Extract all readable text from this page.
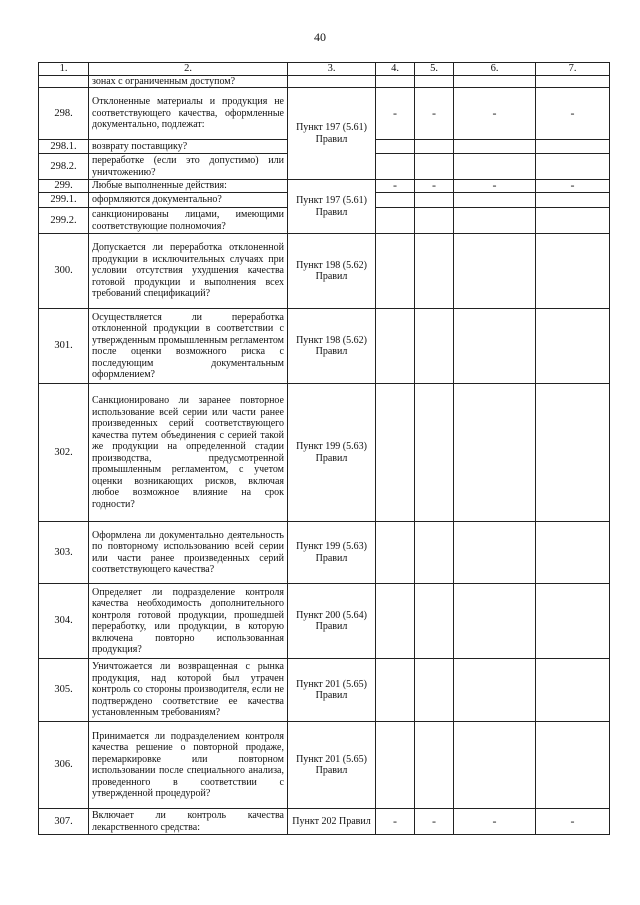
40
1.	2.	3.	4.	5.	6.	7.
	зонах с ограниченным доступом?					
298.	Отклоненные материалы и продукция не соответствующего качества, оформленные документально, подлежат:	Пункт 197 (5.61) Правил	-	-	-	-
298.1.	возврату поставщику?					
298.2.	переработке (если это допустимо) или уничтожению?					
299.	Любые выполненные действия:	Пункт 197 (5.61) Правил	-	-	-	-
299.1.	оформляются документально?					
299.2.	санкционированы лицами, имеющими соответствующие полномочия?					
300.	Допускается ли переработка отклоненной продукции в исключительных случаях при условии отсутствия ухудшения качества готовой продукции и выполнения всех требований спецификаций?	Пункт 198 (5.62) Правил				
301.	Осуществляется ли переработка отклоненной продукции в соответствии с утвержденным промышленным регламентом после оценки возможного риска с последующим документальным оформлением?	Пункт 198 (5.62) Правил				
302.	Санкционировано ли заранее повторное использование всей серии или части ранее произведенных серий соответствующего качества путем объединения с серией такой же продукции на определенной стадии производства, предусмотренной промышленным регламентом, с учетом оценки возникающих рисков, включая любое возможное влияние на срок годности?	Пункт 199 (5.63) Правил				
303.	Оформлена ли документально деятельность по повторному использованию всей серии или части ранее произведенных серий соответствующего качества?	Пункт 199 (5.63) Правил				
304.	Определяет ли подразделение контроля качества необходимость дополнительного контроля готовой продукции, прошедшей переработку, или продукции, в которую включена повторно использованная продукция?	Пункт 200 (5.64) Правил				
305.	Уничтожается ли возвращенная с рынка продукция, над которой был утрачен контроль со стороны производителя, если не подтверждено соответствие ее качества установленным требованиям?	Пункт 201 (5.65) Правил				
306.	Принимается ли подразделением контроля качества решение о повторной продаже, перемаркировке или повторном использовании после специального анализа, проведенного в соответствии с утвержденной процедурой?	Пункт 201 (5.65) Правил				
307.	Включает ли контроль качества лекарственного средства:	Пункт 202 Правил	-	-	-	-
